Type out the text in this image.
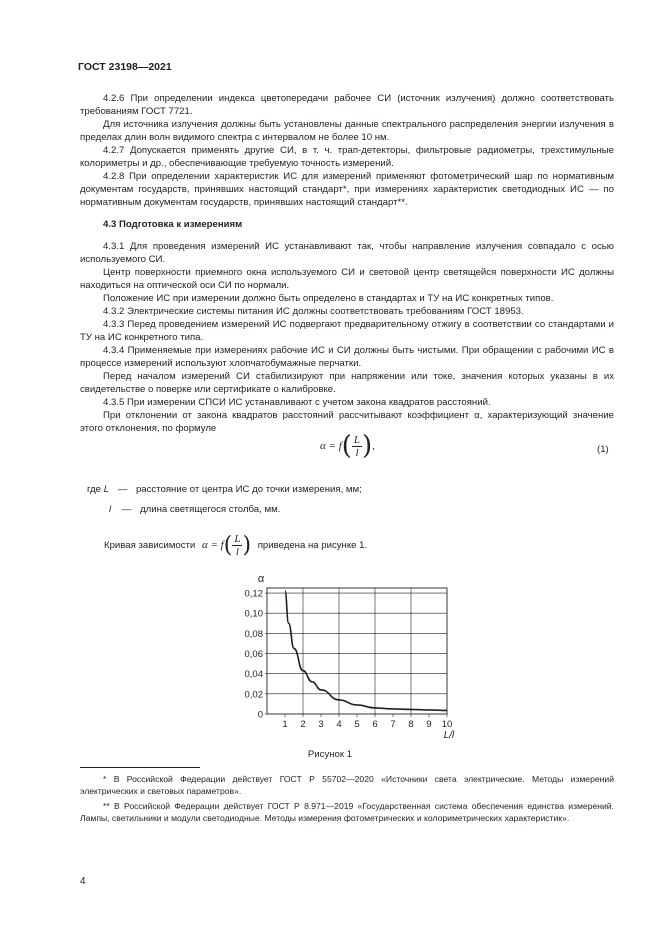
ГОСТ 23198—2021

4.2.6 При определении индекса цветопередачи рабочее СИ (источник излучения) должно соответствовать требованиям ГОСТ 7721.

Для источника излучения должны быть установлены данные спектрального распределения энергии излучения в пределах длин волн видимого спектра с интервалом не более 10 нм.

4.2.7 Допускается применять другие СИ, в т. ч. трап-детекторы, фильтровые радиометры, трехстимульные колориметры и др., обеспечивающие требуемую точность измерений.

4.2.8 При определении характеристик ИС для измерений применяют фотометрический шар по нормативным документам государств, принявших настоящий стандарт*, при измерениях характеристик светодиодных ИС — по нормативным документам государств, принявших настоящий стандарт**.

4.3 Подготовка к измерениям

4.3.1 Для проведения измерений ИС устанавливают так, чтобы направление излучения совпадало с осью используемого СИ.

Центр поверхности приемного окна используемого СИ и световой центр светящейся поверхности ИС должны находиться на оптической оси СИ по нормали.

Положение ИС при измерении должно быть определено в стандартах и ТУ на ИС конкретных типов.

4.3.2 Электрические системы питания ИС должны соответствовать требованиям ГОСТ 18953.

4.3.3 Перед проведением измерений ИС подвергают предварительному отжигу в соответствии со стандартами и ТУ на ИС конкретного типа.

4.3.4 Применяемые при измерениях рабочие ИС и СИ должны быть чистыми. При обращении с рабочими ИС в процессе измерений используют хлопчатобумажные перчатки.

Перед началом измерений СИ стабилизируют при напряжении или токе, значения которых указаны в их свидетельстве о поверке или сертификате о калибровке.

4.3.5 При измерении СПСИ ИС устанавливают с учетом закона квадратов расстояний.

При отклонении от закона квадратов расстояний рассчитывают коэффициент α, характеризующий значение этого отклонения, по формуле

$\alpha = f( \frac{L}{l}$ ),	(1)
где L — расстояние от центра ИС до точки измерения, мм;
l — длина светящегося столба, мм.
Кривая зависимости $\alpha = f( \frac{L}{l}$ ) приведена на рисунке 1.
0
0,02
0,04
0,06
0,08
0,10
0,12
1 2 3 4 5 6 7 8 9 10
α
L/l
Рисунок 1

* В Российской Федерации действует ГОСТ Р 55702—2020 «Источники света электрические. Методы измерений электрических и световых параметров».

** В Российской Федерации действует ГОСТ Р 8.971—2019 «Государственная система обеспечения единства измерений. Лампы, светильники и модули светодиодные. Методы измерения фотометрических и колориметрических характеристик».

4
